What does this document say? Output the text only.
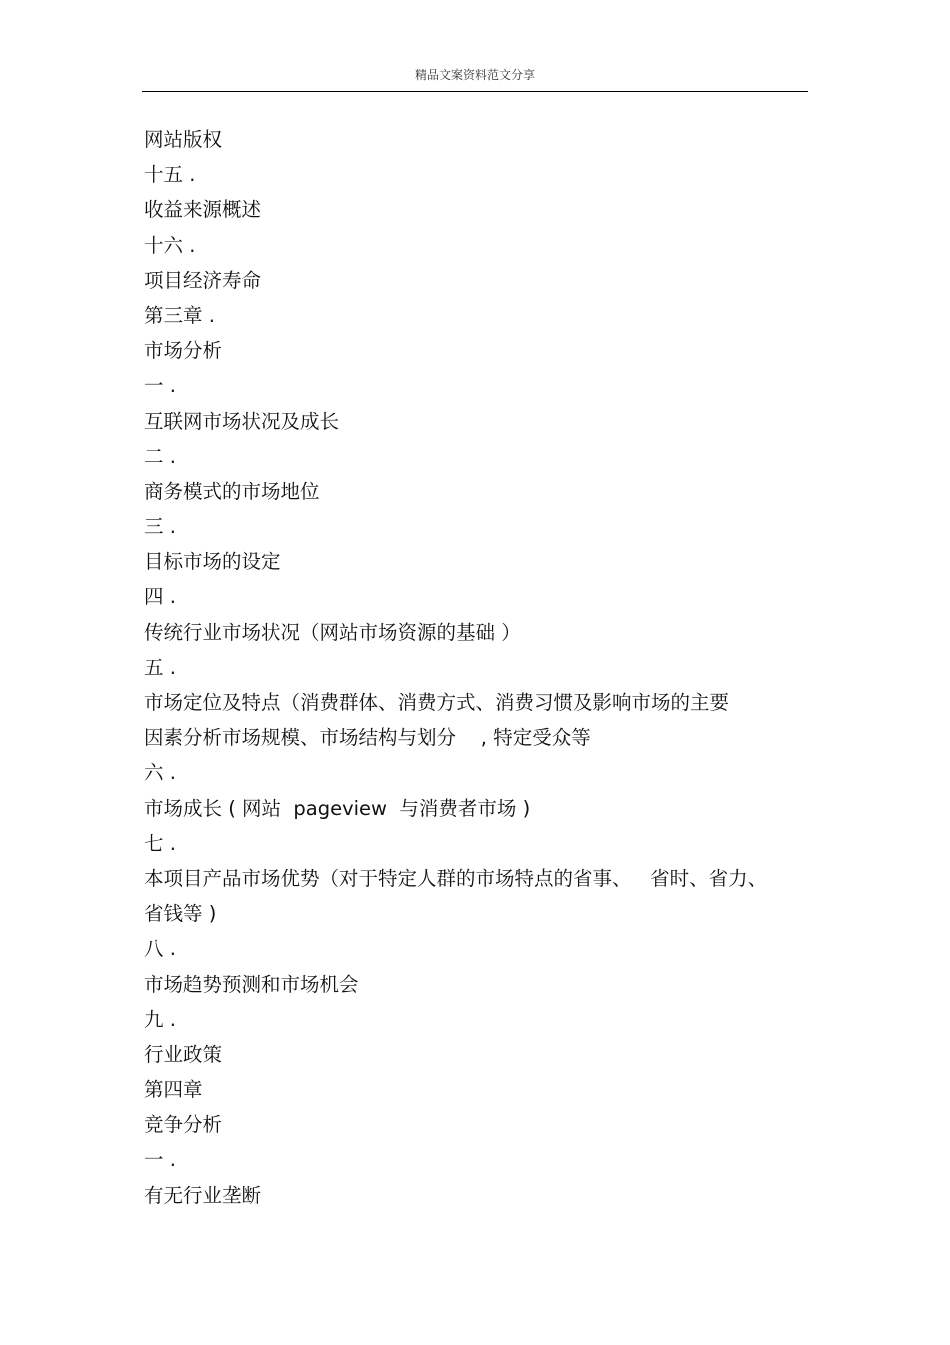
精品文案资料范文分享
网站版权
十五 .
收益来源概述
十六 .
项目经济寿命
第三章 .
市场分析
一 .
互联网市场状况及成长
二 .
商务模式的市场地位
三 .
目标市场的设定
四 .
传统行业市场状况（网站市场资源的基础 ）
五 .
市场定位及特点（消费群体、消费方式、消费习惯及影响市场的主要
因素分析市场规模、市场结构与划分    , 特定受众等
六 .
市场成长 ( 网站  pageview  与消费者市场 )
七 .
本项目产品市场优势（对于特定人群的市场特点的省事、   省时、省力、
省钱等 )
八 .
市场趋势预测和市场机会
九 .
行业政策
第四章
竞争分析
一 .
有无行业垄断
